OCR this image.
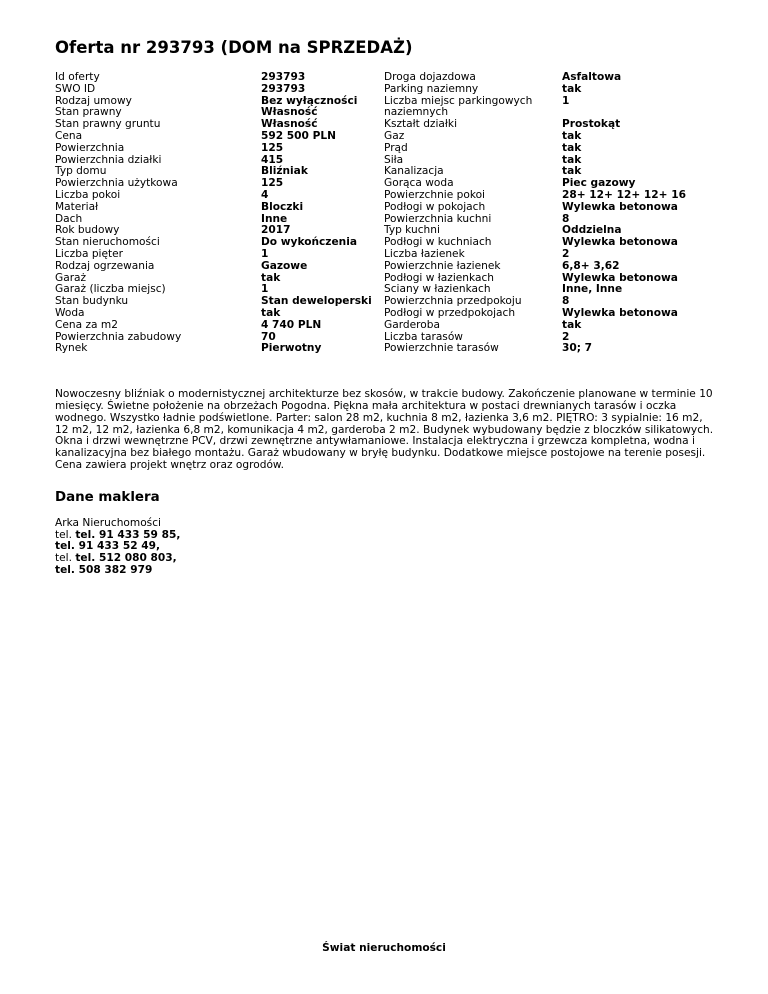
Oferta nr 293793 (DOM na SPRZEDAŻ)
Id oferty
SWO ID
Rodzaj umowy
Stan prawny
Stan prawny gruntu
Cena
Powierzchnia
Powierzchnia działki
Typ domu
Powierzchnia użytkowa
Liczba pokoi
Materiał
Dach
Rok budowy
Stan nieruchomości
Liczba pięter
Rodzaj ogrzewania
Garaż
Garaż (liczba miejsc)
Stan budynku
Woda
Cena za m2
Powierzchnia zabudowy
Rynek
293793
293793
Bez wyłączności
Własność
Własność
592 500 PLN
125
415
Bliźniak
125
4
Bloczki
Inne
2017
Do wykończenia
1
Gazowe
tak
1
Stan deweloperski
tak
4 740 PLN
70
Pierwotny
Droga dojazdowa
Parking naziemny
Liczba miejsc parkingowych naziemnych
Kształt działki
Gaz
Prąd
Siła
Kanalizacja
Gorąca woda
Powierzchnie pokoi
Podłogi w pokojach
Powierzchnia kuchni
Typ kuchni
Podłogi w kuchniach
Liczba łazienek
Powierzchnie łazienek
Podłogi w łazienkach
Sciany w łazienkach
Powierzchnia przedpokoju
Podłogi w przedpokojach
Garderoba
Liczba tarasów
Powierzchnie tarasów
Asfaltowa
tak
1
Prostokąt
tak
tak
tak
tak
Piec gazowy
28+ 12+ 12+ 12+ 16
Wylewka betonowa
8
Oddzielna
Wylewka betonowa
2
6,8+ 3,62
Wylewka betonowa
Inne, Inne
8
Wylewka betonowa
tak
2
30; 7
Nowoczesny bliźniak o modernistycznej architekturze bez skosów, w trakcie budowy. Zakończenie planowane w terminie 10 miesięcy. Świetne położenie na obrzeżach Pogodna. Piękna mała architektura w postaci drewnianych tarasów i oczka wodnego. Wszystko ładnie podświetlone. Parter: salon 28 m2, kuchnia 8 m2, łazienka 3,6 m2. PIĘTRO: 3 sypialnie: 16 m2, 12 m2, 12 m2, łazienka 6,8 m2, komunikacja 4 m2, garderoba 2 m2. Budynek wybudowany będzie z bloczków silikatowych. Okna i drzwi wewnętrzne PCV, drzwi zewnętrzne antywłamaniowe. Instalacja elektryczna i grzewcza kompletna, wodna i kanalizacyjna bez białego montażu. Garaż wbudowany w bryłę budynku. Dodatkowe miejsce postojowe na terenie posesji. Cena zawiera projekt wnętrz oraz ogrodów.
Dane maklera
Arka Nieruchomości
tel. tel. 91 433 59 85,
tel. 91 433 52 49,
tel. tel. 512 080 803,
tel. 508 382 979
Świat nieruchomości
